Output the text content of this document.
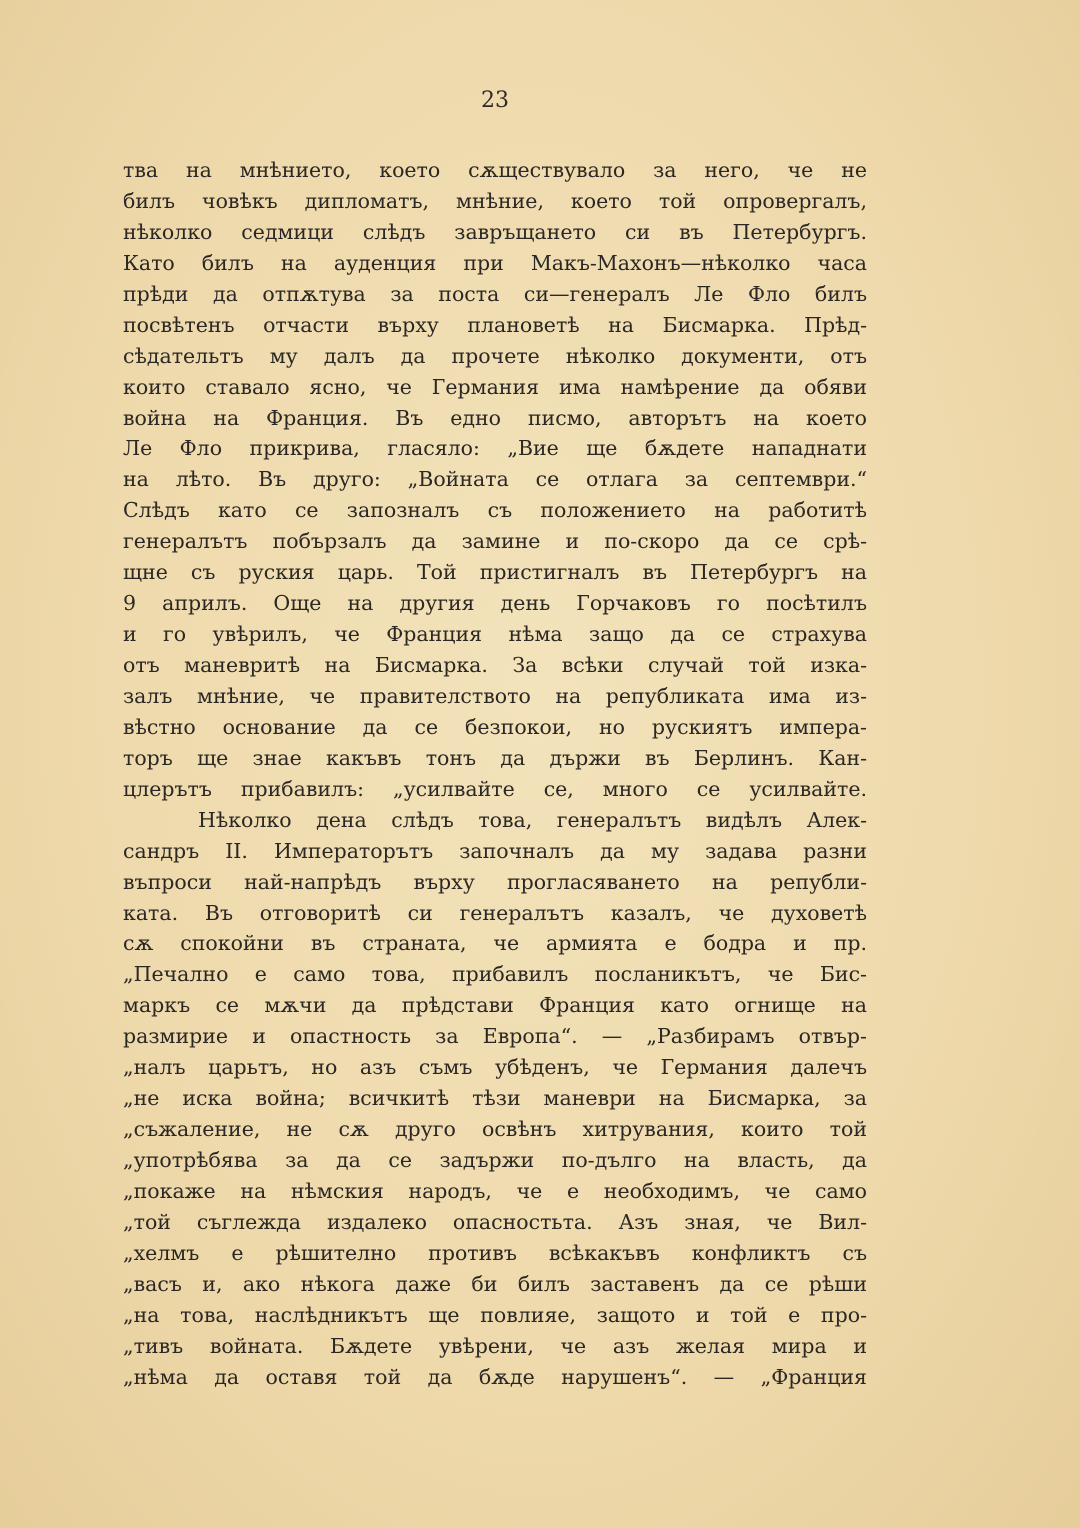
23
тва на мнѣнието, което сѫществувало за него, че не
билъ човѣкъ дипломатъ, мнѣние, което той опровергалъ,
нѣколко седмици слѣдъ завръщането си въ Петербургъ.
Като билъ на ауденция при Макъ-Махонъ—нѣколко часа
прѣди да отпѫтува за поста си—генералъ Ле Фло билъ
посвѣтенъ отчасти върху плановетѣ на Бисмарка. Прѣд-
сѣдательтъ му далъ да прочете нѣколко документи, отъ
които ставало ясно, че Германия има намѣрение да обяви
война на Франция. Въ едно писмо, авторътъ на което
Ле Фло прикрива, гласяло: „Вие ще бѫдете нападнати
на лѣто. Въ друго: „Войната се отлага за септември.“
Слѣдъ като се запозналъ съ положението на работитѣ
генералътъ побързалъ да замине и по-скоро да се срѣ-
щне съ руския царь. Той пристигналъ въ Петербургъ на
9 априлъ. Още на другия день Горчаковъ го посѣтилъ
и го увѣрилъ, че Франция нѣма защо да се страхува
отъ маневритѣ на Бисмарка. За всѣки случай той изка-
залъ мнѣние, че правителството на републиката има из-
вѣстно основание да се безпокои, но рускиятъ импера-
торъ ще знае какъвъ тонъ да държи въ Берлинъ. Кан-
цлерътъ прибавилъ: „усилвайте се, много се усилвайте.
Нѣколко дена слѣдъ това, генералътъ видѣлъ Алек-
сандръ II. Императорътъ започналъ да му задава разни
въпроси най-напрѣдъ върху прогласяването на републи-
ката. Въ отговоритѣ си генералътъ казалъ, че духоветѣ
сѫ спокойни въ страната, че армията е бодра и пр.
„Печално е само това, прибавилъ посланикътъ, че Бис-
маркъ се мѫчи да прѣдстави Франция като огнище на
размирие и опастность за Европа“. — „Разбирамъ отвър-
„налъ царьтъ, но азъ съмъ убѣденъ, че Германия далечъ
„не иска война; всичкитѣ тѣзи маневри на Бисмарка, за
„съжаление, не сѫ друго освѣнъ хитрувания, които той
„употрѣбява за да се задържи по-дълго на власть, да
„покаже на нѣмския народъ, че е необходимъ, че само
„той съглежда издалеко опасностьта. Азъ зная, че Вил-
„хелмъ е рѣшително противъ всѣкакъвъ конфликтъ съ
„васъ и, ако нѣкога даже би билъ заставенъ да се рѣши
„на това, наслѣдникътъ ще повлияе, защото и той е про-
„тивъ войната. Бѫдете увѣрени, че азъ желая мира и
„нѣма да оставя той да бѫде нарушенъ“. — „Франция
